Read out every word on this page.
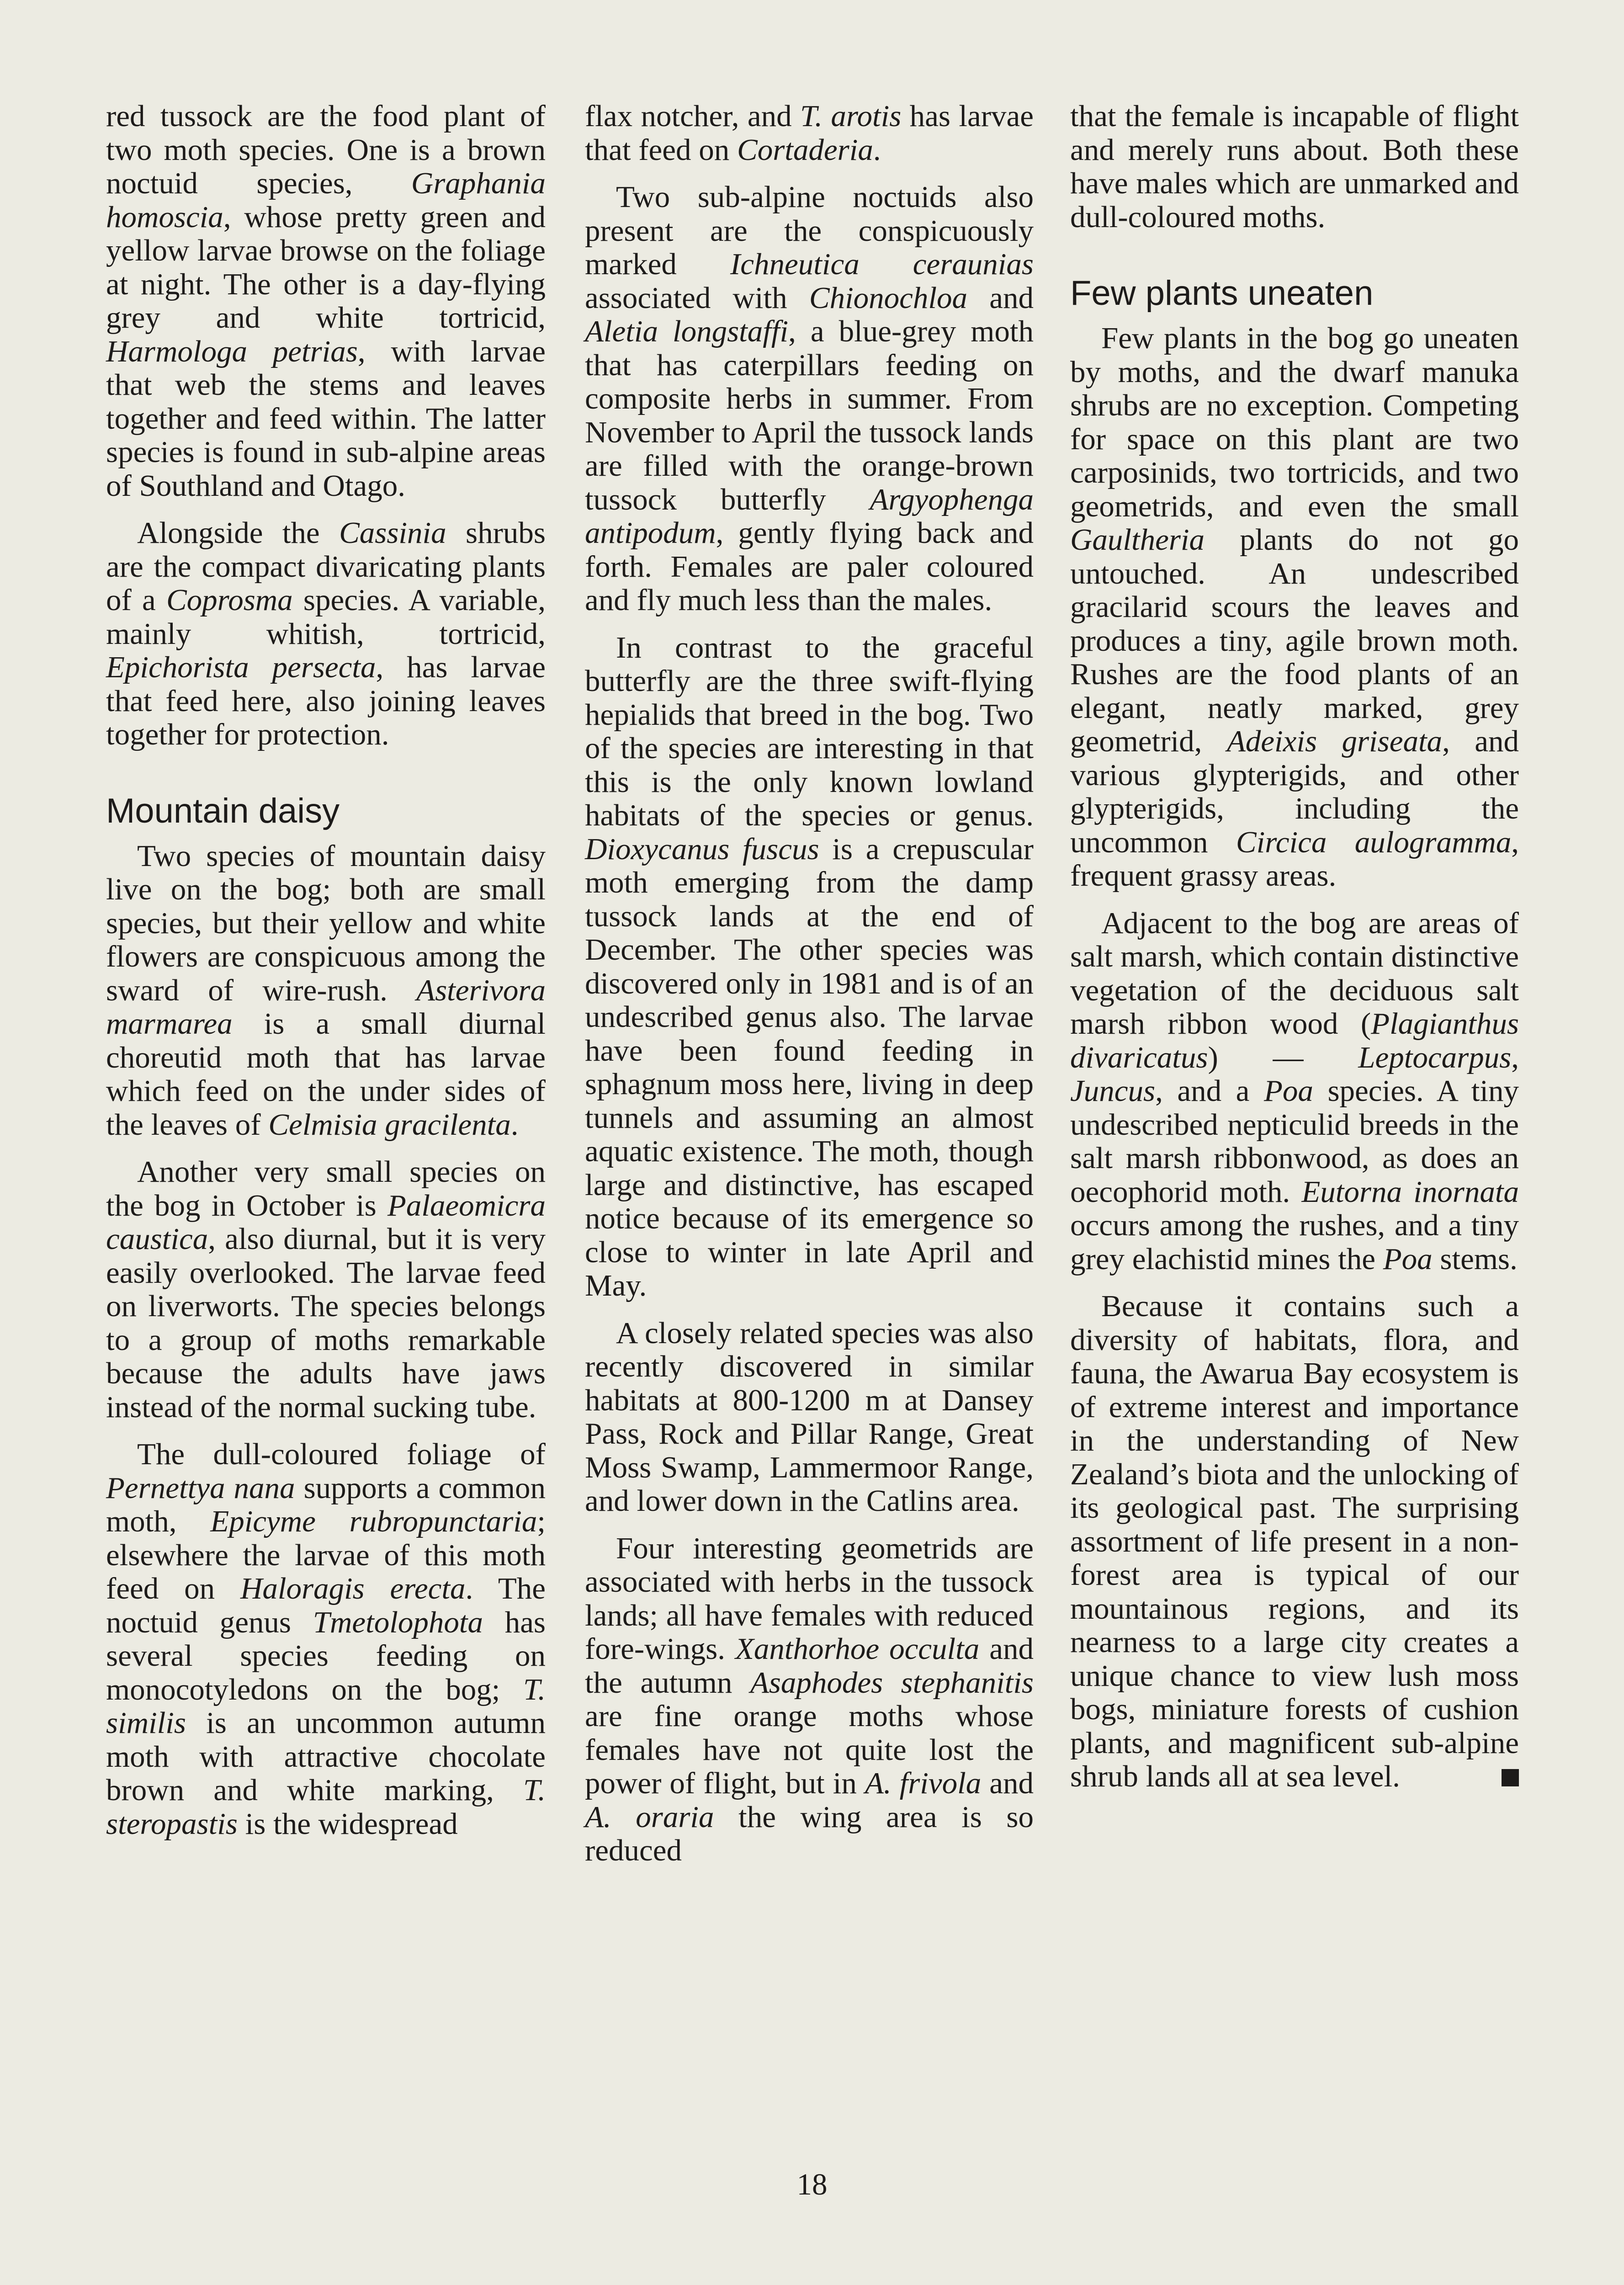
red tussock are the food plant of two moth species. One is a brown noctuid species, Graphania homoscia, whose pretty green and yellow larvae browse on the foliage at night. The other is a day-flying grey and white tortricid, Harmologa petrias, with larvae that web the stems and leaves together and feed within. The latter species is found in sub-alpine areas of Southland and Otago.

Alongside the Cassinia shrubs are the compact divaricating plants of a Coprosma species. A variable, mainly whitish, tortricid, Epichorista persecta, has larvae that feed here, also joining leaves together for protection.

Mountain daisy

Two species of mountain daisy live on the bog; both are small species, but their yellow and white flowers are conspicuous among the sward of wire-rush. Asterivora marmarea is a small diurnal choreutid moth that has larvae which feed on the under sides of the leaves of Celmisia gracilenta.

Another very small species on the bog in October is Palaeomicra caustica, also diurnal, but it is very easily overlooked. The larvae feed on liverworts. The species belongs to a group of moths remarkable because the adults have jaws instead of the normal sucking tube.

The dull-coloured foliage of Pernettya nana supports a common moth, Epicyme rubropunctaria; elsewhere the larvae of this moth feed on Haloragis erecta. The noctuid genus Tmetolophota has several species feeding on monocotyledons on the bog; T. similis is an uncommon autumn moth with attractive chocolate brown and white marking, T. steropastis is the widespread

flax notcher, and T. arotis has larvae that feed on Cortaderia.

Two sub-alpine noctuids also present are the conspicuously marked Ichneutica ceraunias associated with Chionochloa and Aletia longstaffi, a blue-grey moth that has caterpillars feeding on composite herbs in summer. From November to April the tussock lands are filled with the orange-brown tussock butterfly Argyophenga antipodum, gently flying back and forth. Females are paler coloured and fly much less than the males.

In contrast to the graceful butterfly are the three swift-flying hepialids that breed in the bog. Two of the species are interesting in that this is the only known lowland habitats of the species or genus. Dioxycanus fuscus is a crepuscular moth emerging from the damp tussock lands at the end of December. The other species was discovered only in 1981 and is of an undescribed genus also. The larvae have been found feeding in sphagnum moss here, living in deep tunnels and assuming an almost aquatic existence. The moth, though large and distinctive, has escaped notice because of its emergence so close to winter in late April and May.

A closely related species was also recently discovered in similar habitats at 800-1200 m at Dansey Pass, Rock and Pillar Range, Great Moss Swamp, Lammermoor Range, and lower down in the Catlins area.

Four interesting geometrids are associated with herbs in the tussock lands; all have females with reduced fore-wings. Xanthorhoe occulta and the autumn Asaphodes stephanitis are fine orange moths whose females have not quite lost the power of flight, but in A. frivola and A. oraria the wing area is so reduced

that the female is incapable of flight and merely runs about. Both these have males which are unmarked and dull-coloured moths.

Few plants uneaten

Few plants in the bog go uneaten by moths, and the dwarf manuka shrubs are no exception. Competing for space on this plant are two carposinids, two tortricids, and two geometrids, and even the small Gaultheria plants do not go untouched. An undescribed gracilarid scours the leaves and produces a tiny, agile brown moth. Rushes are the food plants of an elegant, neatly marked, grey geometrid, Adeixis griseata, and various glypterigids, and other glypterigids, including the uncommon Circica aulogramma, frequent grassy areas.

Adjacent to the bog are areas of salt marsh, which contain distinctive vegetation of the deciduous salt marsh ribbon wood (Plagianthus divaricatus) — Leptocarpus, Juncus, and a Poa species. A tiny undescribed nepticulid breeds in the salt marsh ribbonwood, as does an oecophorid moth. Eutorna inornata occurs among the rushes, and a tiny grey elachistid mines the Poa stems.

Because it contains such a diversity of habitats, flora, and fauna, the Awarua Bay ecosystem is of extreme interest and importance in the understanding of New Zealand’s biota and the unlocking of its geological past. The surprising assortment of life present in a non-forest area is typical of our mountainous regions, and its nearness to a large city creates a unique chance to view lush moss bogs, miniature forests of cushion plants, and magnificent sub-alpine shrub lands all at sea level.

18
